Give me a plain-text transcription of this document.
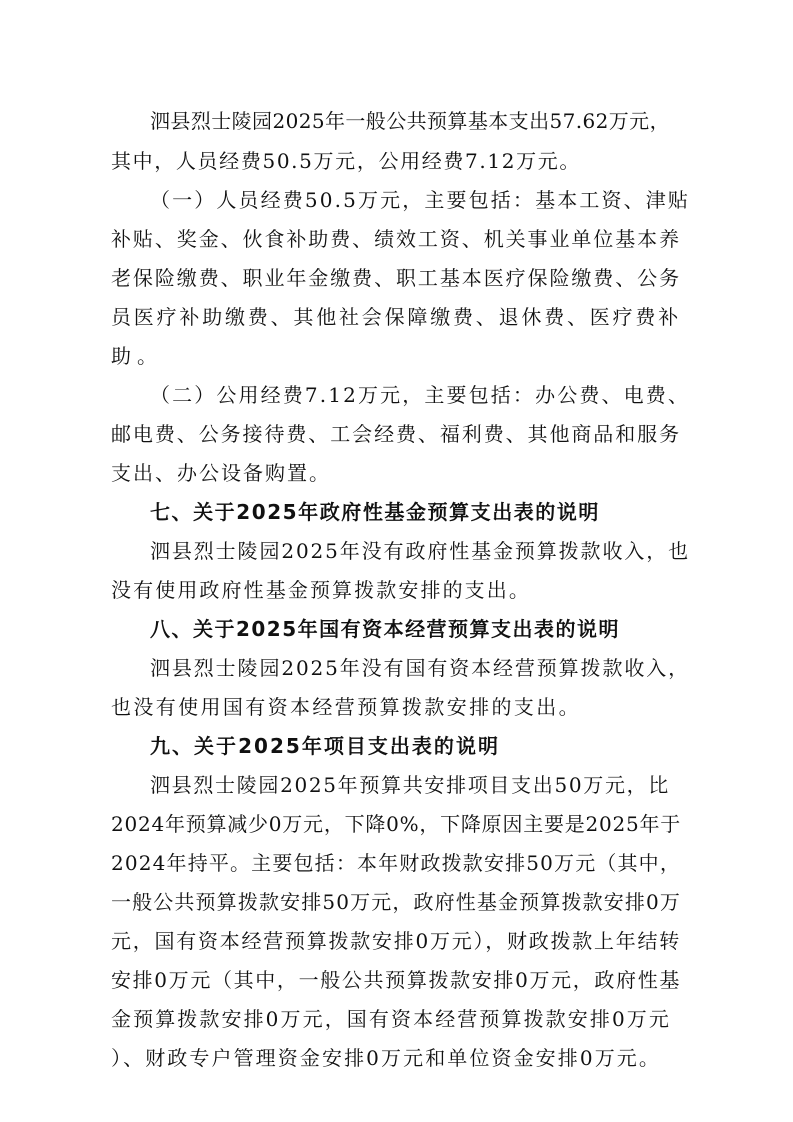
泗县烈士陵园2025年一般公共预算基本支出57.62万元，
其中，人员经费50.5万元，公用经费7.12万元。
（一）人员经费50.5万元，主要包括：基本工资、津贴
补贴、奖金、伙食补助费、绩效工资、机关事业单位基本养
老保险缴费、职业年金缴费、职工基本医疗保险缴费、公务
员医疗补助缴费、其他社会保障缴费、退休费、医疗费补
助。
（二）公用经费7.12万元，主要包括：办公费、电费、
邮电费、公务接待费、工会经费、福利费、其他商品和服务
支出、办公设备购置。
七、关于2025年政府性基金预算支出表的说明
泗县烈士陵园2025年没有政府性基金预算拨款收入，也
没有使用政府性基金预算拨款安排的支出。
八、关于2025年国有资本经营预算支出表的说明
泗县烈士陵园2025年没有国有资本经营预算拨款收入，
也没有使用国有资本经营预算拨款安排的支出。
九、关于2025年项目支出表的说明
泗县烈士陵园2025年预算共安排项目支出50万元，比
2024年预算减少0万元，下降0%，下降原因主要是2025年于
2024年持平。主要包括：本年财政拨款安排50万元（其中，
一般公共预算拨款安排50万元，政府性基金预算拨款安排0万
元，国有资本经营预算拨款安排0万元），财政拨款上年结转
安排0万元（其中，一般公共预算拨款安排0万元，政府性基
金预算拨款安排0万元，国有资本经营预算拨款安排0万元
）、财政专户管理资金安排0万元和单位资金安排0万元。
